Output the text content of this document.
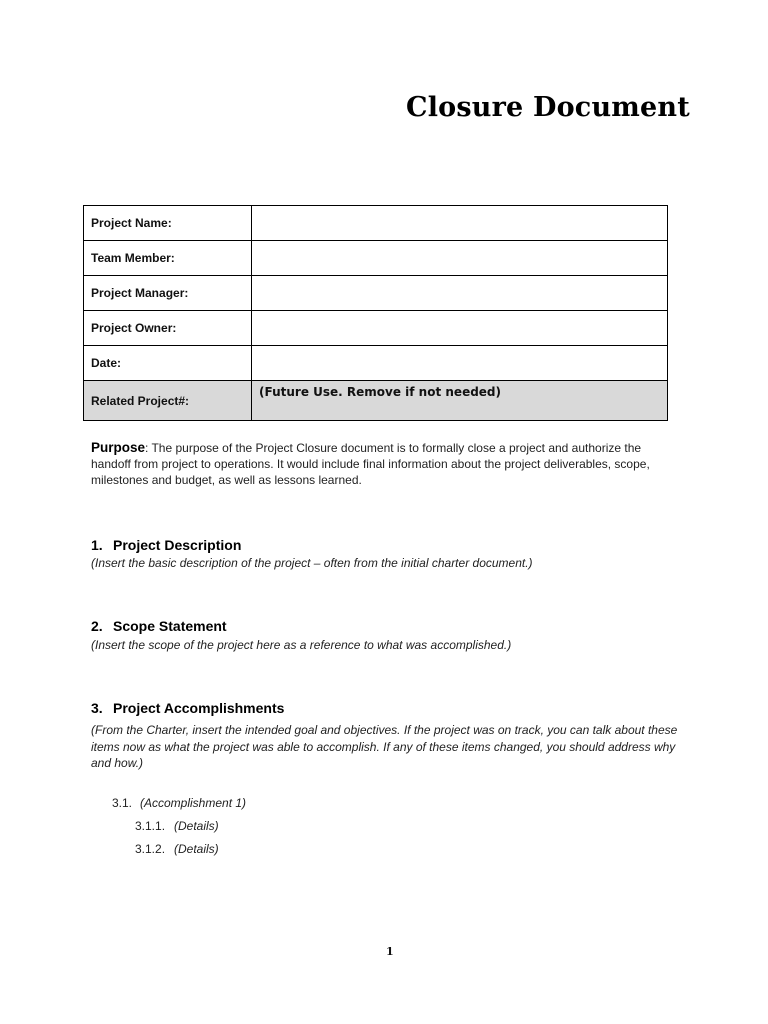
Closure Document
Project Name:	
Team Member:	
Project Manager:	
Project Owner:	
Date:	
Related Project#:	(Future Use. Remove if not needed)
Purpose: The purpose of the Project Closure document is to formally close a project and authorize the handoff from project to operations. It would include final information about the project deliverables, scope, milestones and budget, as well as lessons learned.
1. Project Description
(Insert the basic description of the project – often from the initial charter document.)
2. Scope Statement
(Insert the scope of the project here as a reference to what was accomplished.)
3. Project Accomplishments
(From the Charter, insert the intended goal and objectives. If the project was on track, you can talk about these items now as what the project was able to accomplish. If any of these items changed, you should address why and how.)
3.1. (Accomplishment 1)
3.1.1. (Details)
3.1.2. (Details)
1
